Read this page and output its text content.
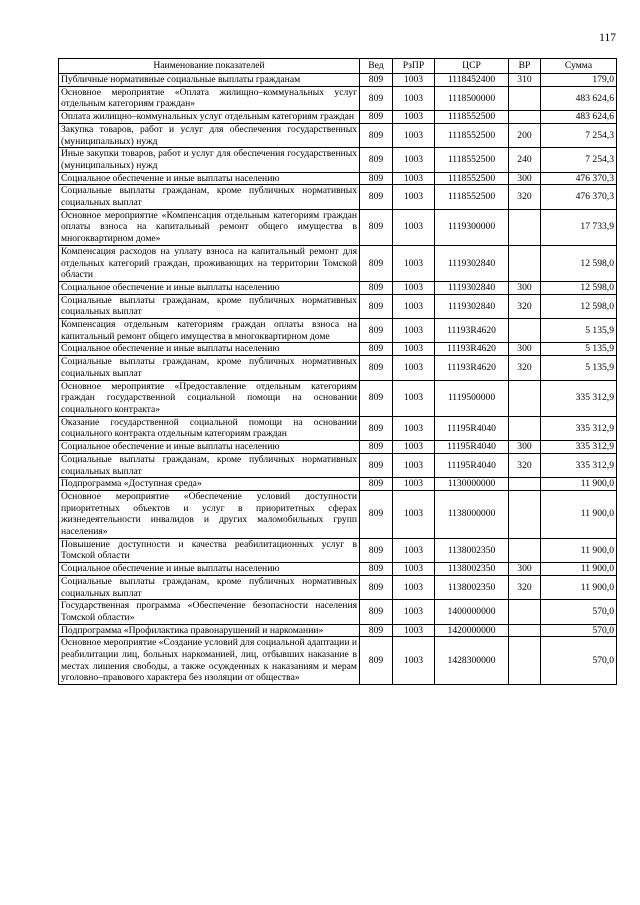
117
Наименование показателей	Вед	РзПР	ЦСР	ВР	Сумма
Публичные нормативные социальные выплаты гражданам	809	1003	1118452400	310	179,0
Основное мероприятие «Оплата жилищно–коммунальных услуг отдельным категориям граждан»	809	1003	1118500000		483 624,6
Оплата жилищно–коммунальных услуг отдельным категориям граждан	809	1003	1118552500		483 624,6
Закупка товаров, работ и услуг для обеспечения государственных (муниципальных) нужд	809	1003	1118552500	200	7 254,3
Иные закупки товаров, работ и услуг для обеспечения государственных (муниципальных) нужд	809	1003	1118552500	240	7 254,3
Социальное обеспечение и иные выплаты населению	809	1003	1118552500	300	476 370,3
Социальные выплаты гражданам, кроме публичных нормативных социальных выплат	809	1003	1118552500	320	476 370,3
Основное мероприятие «Компенсация отдельным категориям граждан оплаты взноса на капитальный ремонт общего имущества в многоквартирном доме»	809	1003	1119300000		17 733,9
Компенсация расходов на уплату взноса на капитальный ремонт для отдельных категорий граждан, проживающих на территории Томской области	809	1003	1119302840		12 598,0
Социальное обеспечение и иные выплаты населению	809	1003	1119302840	300	12 598,0
Социальные выплаты гражданам, кроме публичных нормативных социальных выплат	809	1003	1119302840	320	12 598,0
Компенсация отдельным категориям граждан оплаты взноса на капитальный ремонт общего имущества в многоквартирном доме	809	1003	11193R4620		5 135,9
Социальное обеспечение и иные выплаты населению	809	1003	11193R4620	300	5 135,9
Социальные выплаты гражданам, кроме публичных нормативных социальных выплат	809	1003	11193R4620	320	5 135,9
Основное мероприятие «Предоставление отдельным категориям граждан государственной социальной помощи на основании социального контракта»	809	1003	1119500000		335 312,9
Оказание государственной социальной помощи на основании социального контракта отдельным категориям граждан	809	1003	11195R4040		335 312,9
Социальное обеспечение и иные выплаты населению	809	1003	11195R4040	300	335 312,9
Социальные выплаты гражданам, кроме публичных нормативных социальных выплат	809	1003	11195R4040	320	335 312,9
Подпрограмма «Доступная среда»	809	1003	1130000000		11 900,0
Основное мероприятие «Обеспечение условий доступности приоритетных объектов и услуг в приоритетных сферах жизнедеятельности инвалидов и других маломобильных групп населения»	809	1003	1138000000		11 900,0
Повышение доступности и качества реабилитационных услуг в Томской области	809	1003	1138002350		11 900,0
Социальное обеспечение и иные выплаты населению	809	1003	1138002350	300	11 900,0
Социальные выплаты гражданам, кроме публичных нормативных социальных выплат	809	1003	1138002350	320	11 900,0
Государственная программа «Обеспечение безопасности населения Томской области»	809	1003	1400000000		570,0
Подпрограмма «Профилактика правонарушений и наркомании»	809	1003	1420000000		570,0
Основное мероприятие «Создание условий для социальной адаптации и реабилитации лиц, больных наркоманией, лиц, отбывших наказание в местах лишения свободы, а также осужденных к наказаниям и мерам уголовно–правового характера без изоляции от общества»	809	1003	1428300000		570,0
